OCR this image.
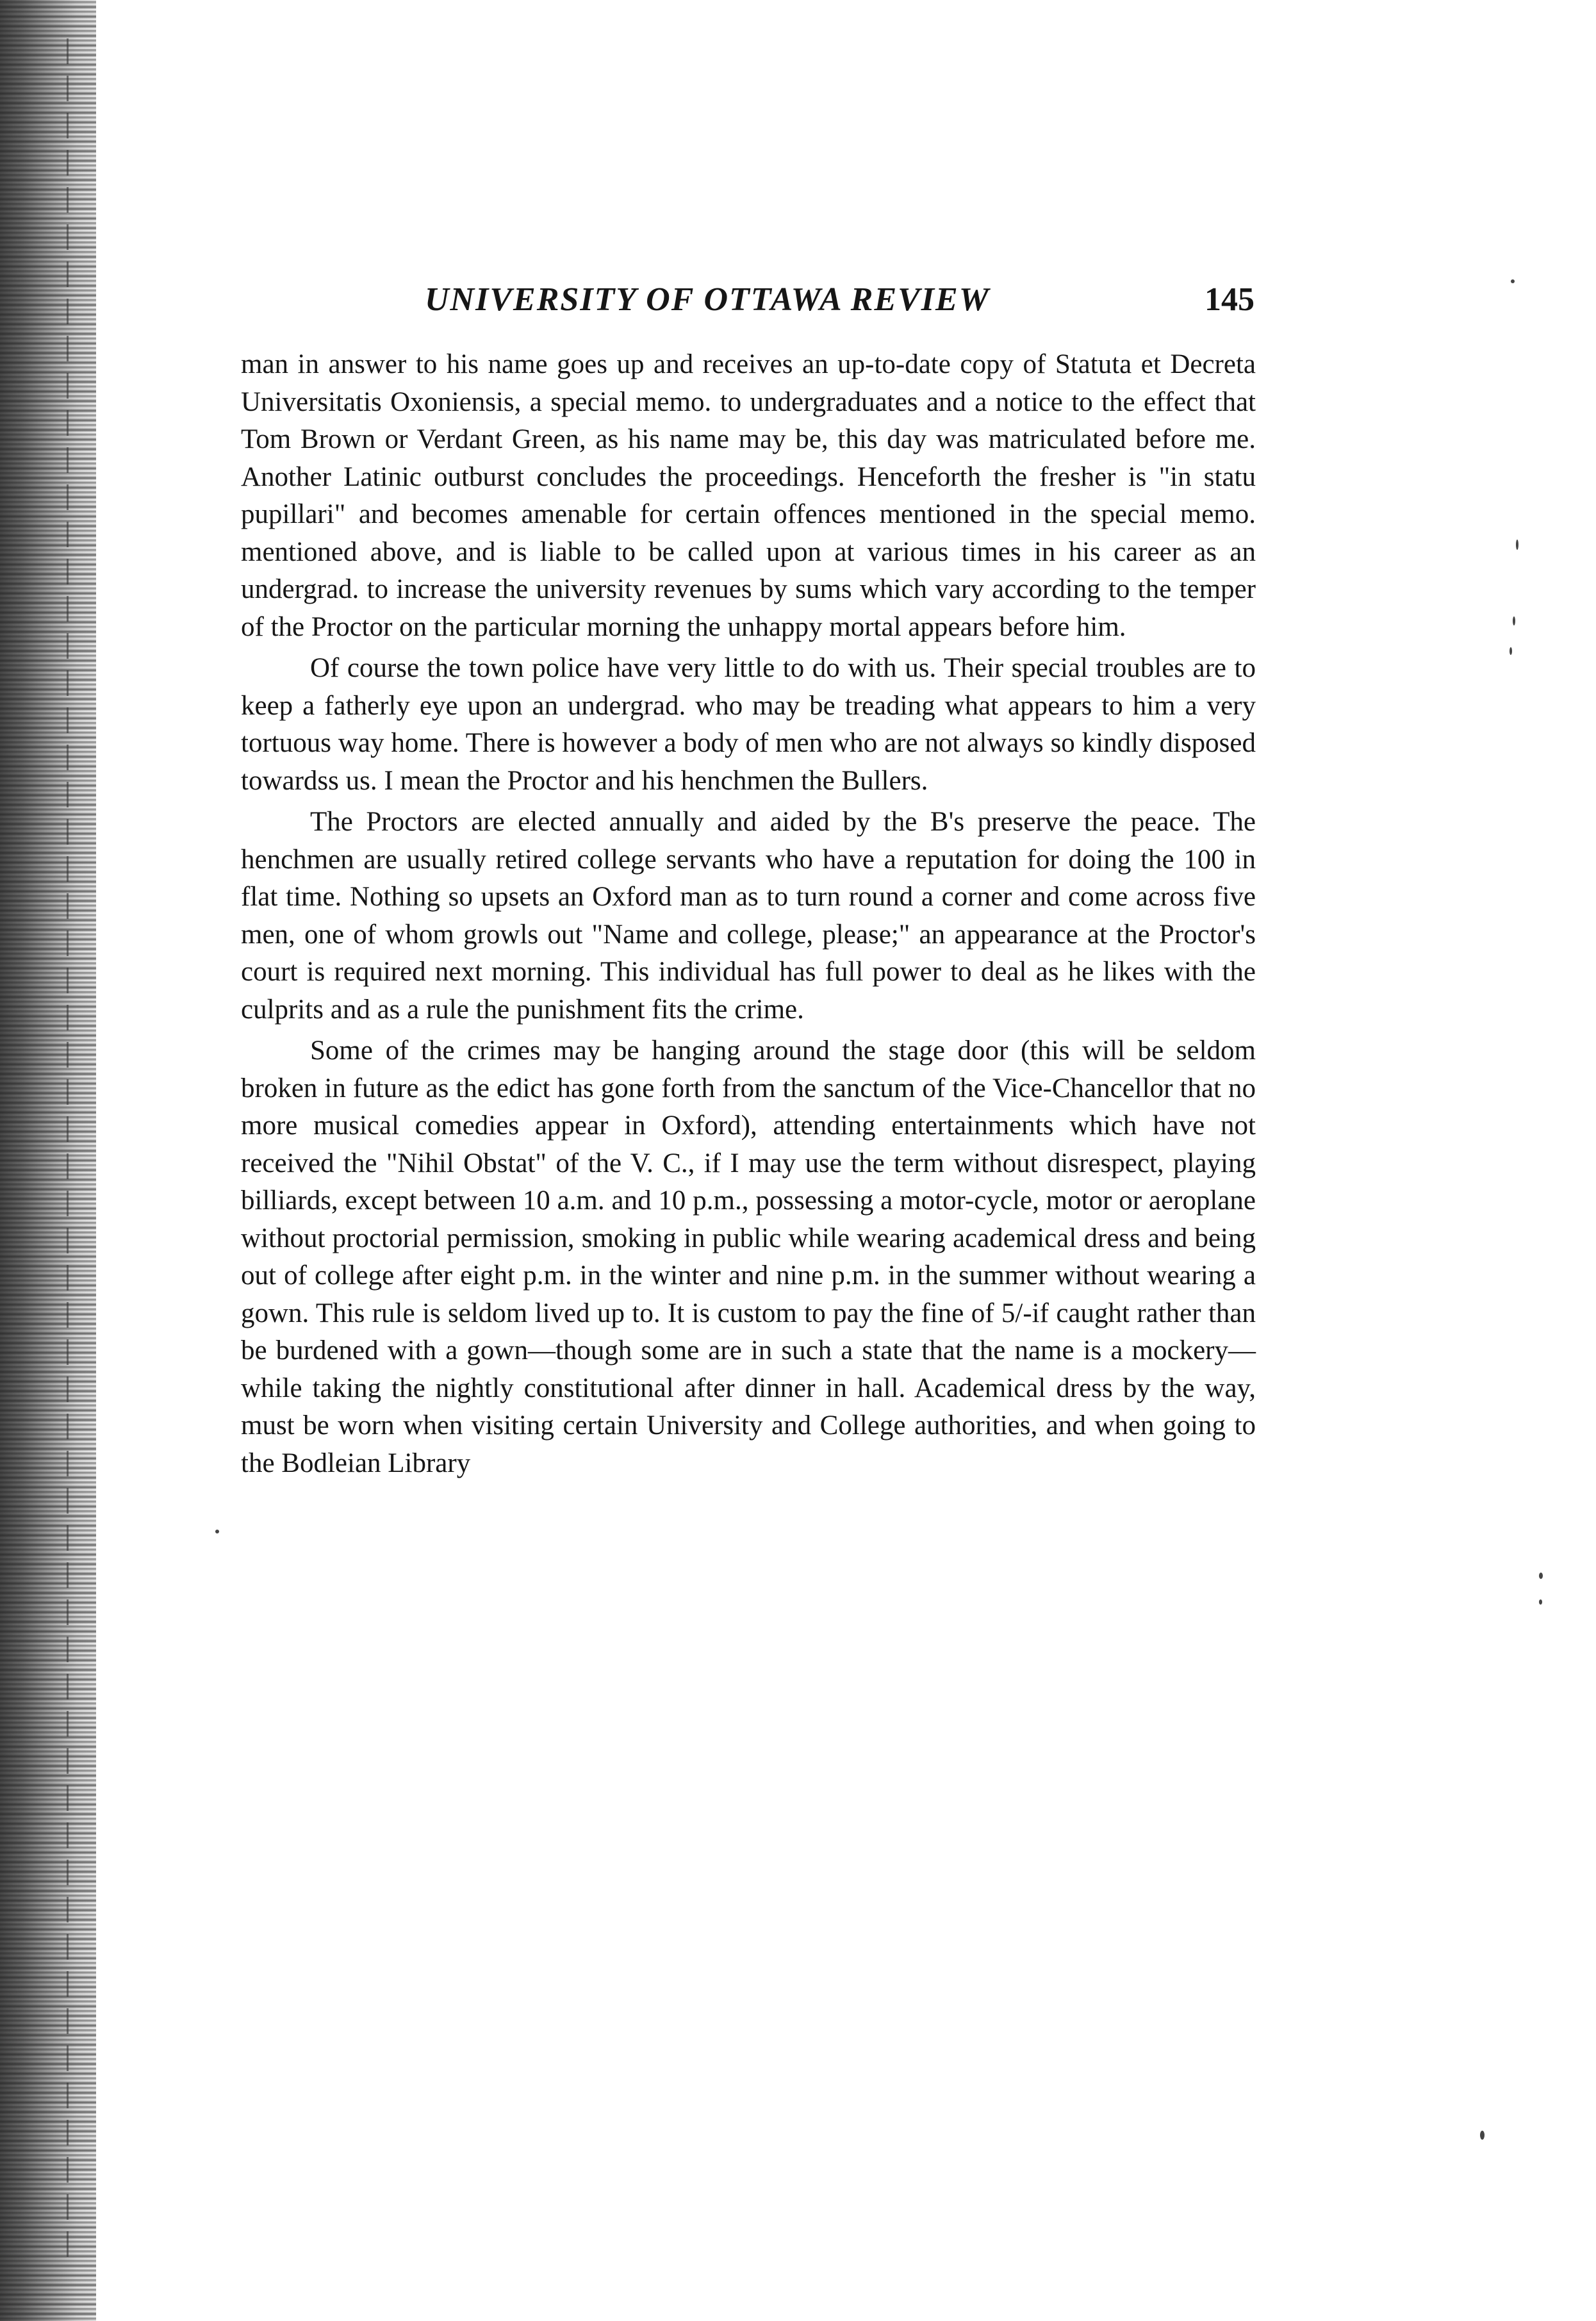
UNIVERSITY OF OTTAWA REVIEW	145

man in answer to his name goes up and receives an up-to-date copy of Statuta et Decreta Universitatis Oxoniensis, a special memo. to undergraduates and a notice to the effect that Tom Brown or Verdant Green, as his name may be, this day was matriculated before me. Another Latinic outburst concludes the proceedings. Henceforth the fresher is "in statu pupillari" and becomes amenable for certain offences mentioned in the special memo. mentioned above, and is liable to be called upon at various times in his career as an undergrad. to increase the university revenues by sums which vary according to the temper of the Proctor on the particular morning the unhappy mortal appears before him.

Of course the town police have very little to do with us. Their special troubles are to keep a fatherly eye upon an undergrad. who may be treading what appears to him a very tortuous way home. There is however a body of men who are not always so kindly disposed towardss us. I mean the Proctor and his henchmen the Bullers.

The Proctors are elected annually and aided by the B's preserve the peace. The henchmen are usually retired college servants who have a reputation for doing the 100 in flat time. Nothing so upsets an Oxford man as to turn round a corner and come across five men, one of whom growls out "Name and college, please;" an appearance at the Proctor's court is required next morning. This individual has full power to deal as he likes with the culprits and as a rule the punishment fits the crime.

Some of the crimes may be hanging around the stage door (this will be seldom broken in future as the edict has gone forth from the sanctum of the Vice-Chancellor that no more musical comedies appear in Oxford), attending entertainments which have not received the "Nihil Obstat" of the V. C., if I may use the term without disrespect, playing billiards, except between 10 a.m. and 10 p.m., possessing a motor-cycle, motor or aeroplane without proctorial permission, smoking in public while wearing academical dress and being out of college after eight p.m. in the winter and nine p.m. in the summer without wearing a gown. This rule is seldom lived up to. It is custom to pay the fine of 5/-if caught rather than be burdened with a gown—though some are in such a state that the name is a mockery—while taking the nightly constitutional after dinner in hall. Academical dress by the way, must be worn when visiting certain University and College authorities, and when going to the Bodleian Library
